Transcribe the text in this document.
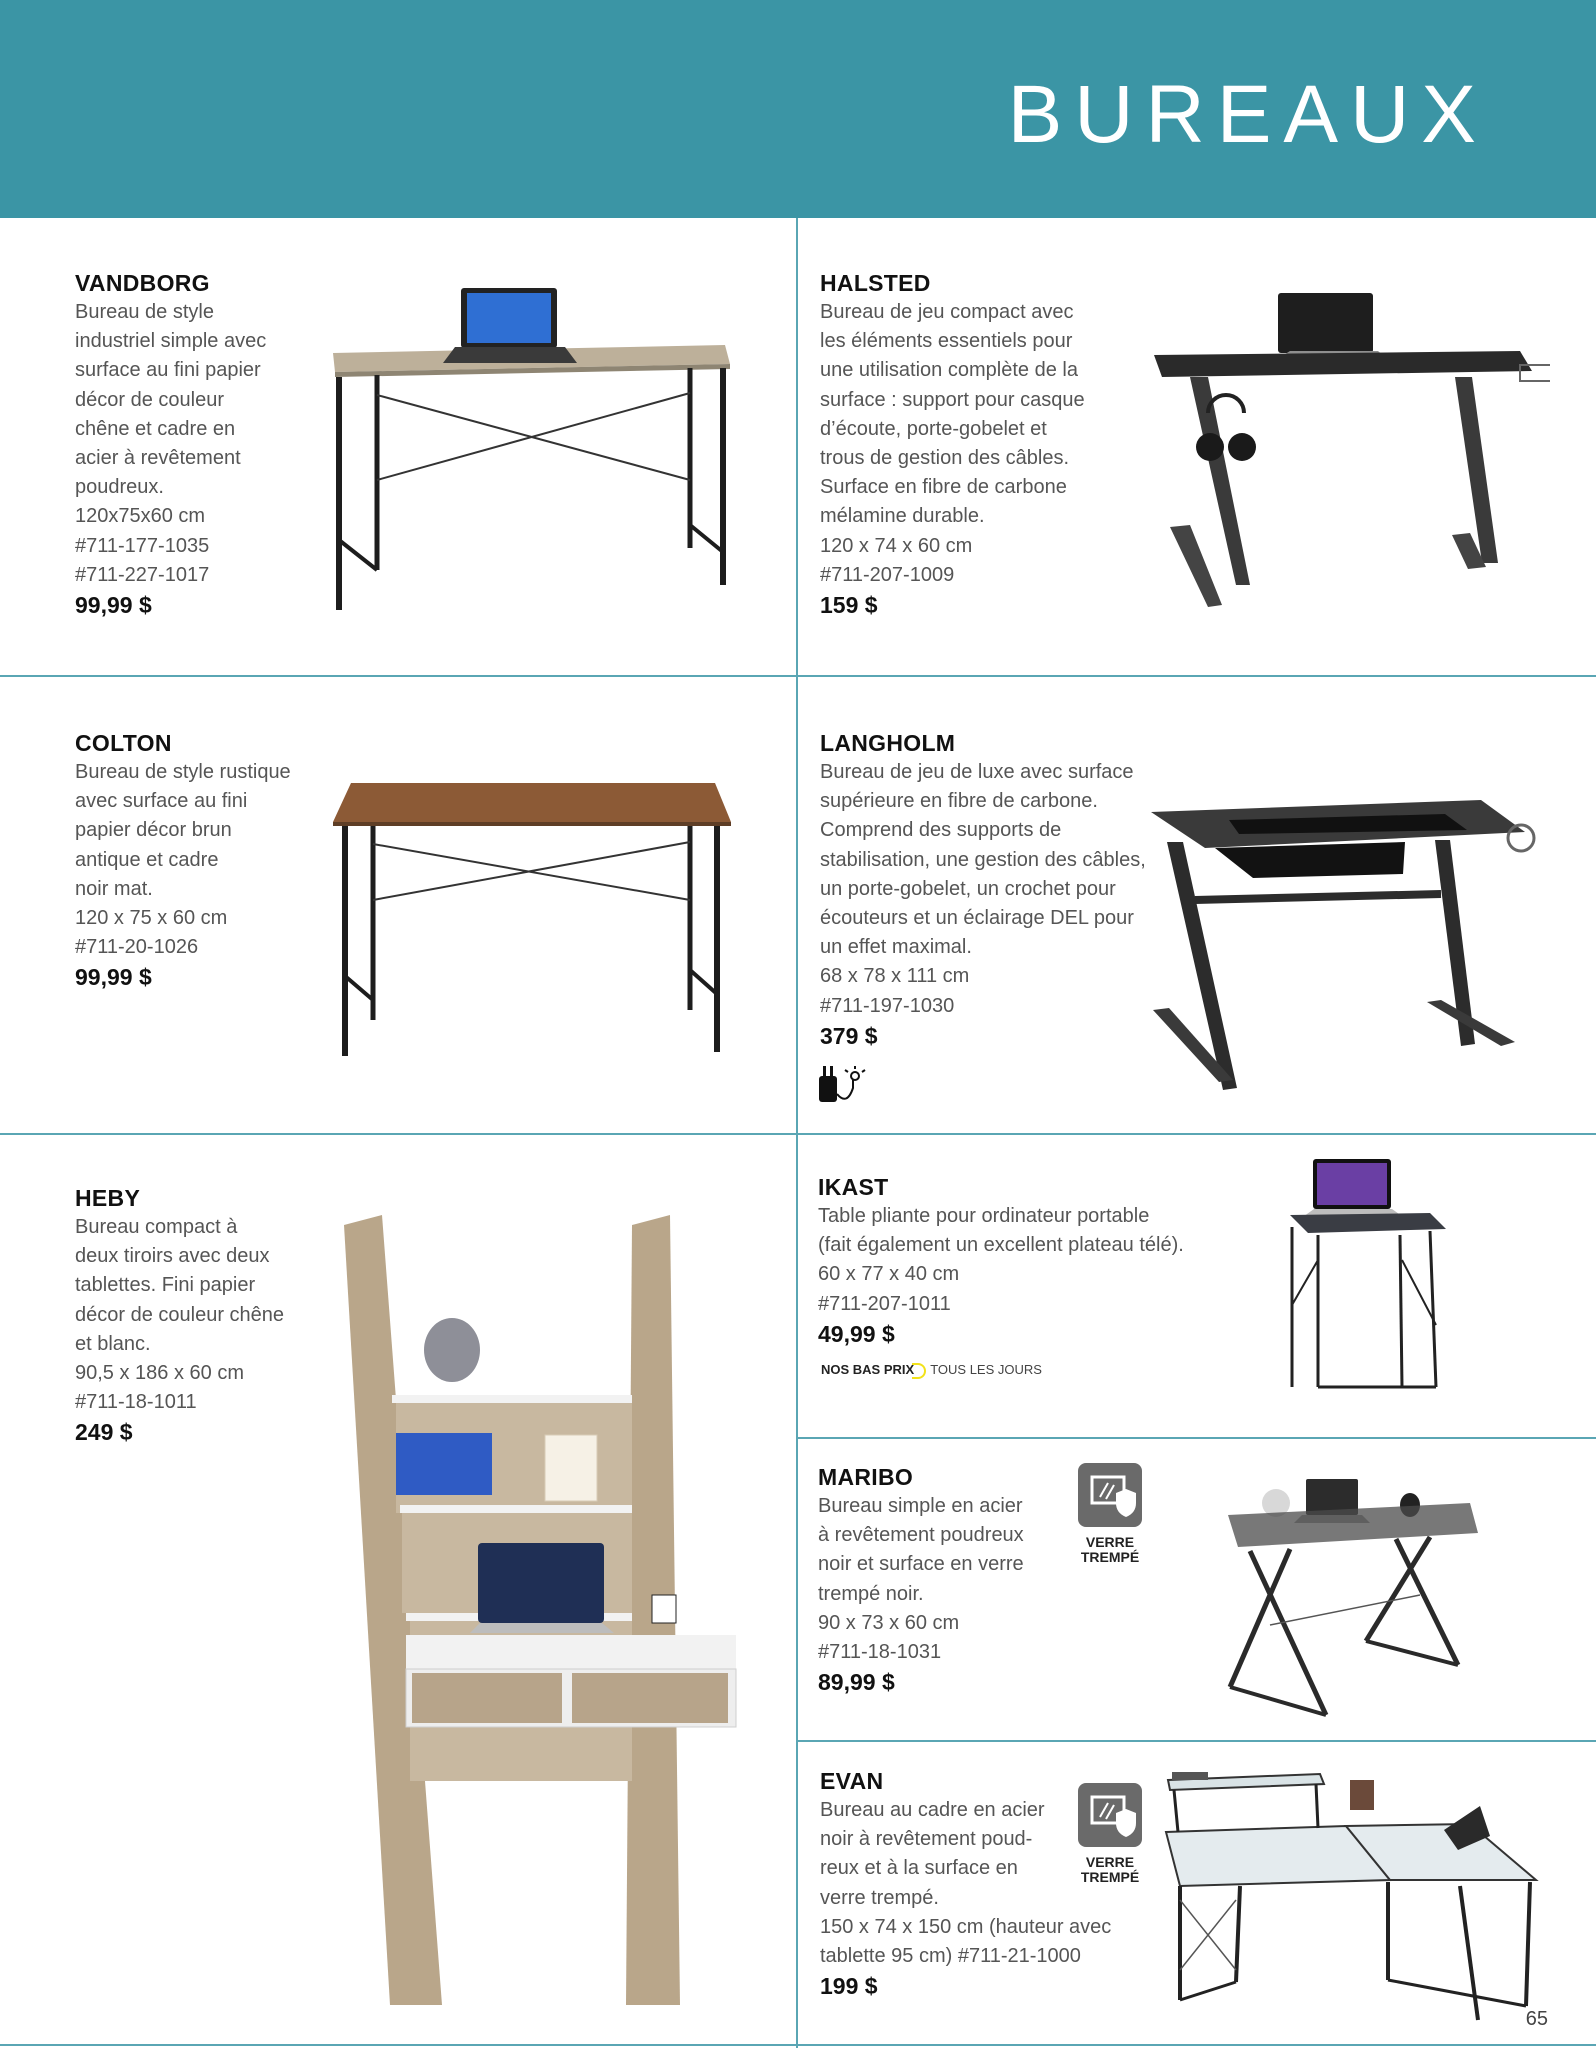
BUREAUX
VANDBORG
Bureau de style
industriel simple avec
surface au fini papier
décor de couleur
chêne et cadre en
acier à revêtement
poudreux.
120x75x60 cm
#711-177-1035
#711-227-1017
99,99 $
HALSTED
Bureau de jeu compact avec
les éléments essentiels pour
une utilisation complète de la
surface : support pour casque
d’écoute, porte-gobelet et
trous de gestion des câbles.
Surface en fibre de carbone
mélamine durable.
120 x 74 x 60 cm
#711-207-1009
159 $
COLTON
Bureau de style rustique
avec surface au fini
papier décor brun
antique et cadre
noir mat.
120 x 75 x 60 cm
#711-20-1026
99,99 $
LANGHOLM
Bureau de jeu de luxe avec surface
supérieure en fibre de carbone.
Comprend des supports de
stabilisation, une gestion des câbles,
un porte-gobelet, un crochet pour
écouteurs et un éclairage DEL pour
un effet maximal.
68 x 78 x 111 cm
#711-197-1030
379 $
HEBY
Bureau compact à
deux tiroirs avec deux
tablettes. Fini papier
décor de couleur chêne
et blanc.
90,5 x 186 x 60 cm
#711-18-1011
249 $
IKAST
Table pliante pour ordinateur portable
(fait également un excellent plateau télé).
60 x 77 x 40 cm
#711-207-1011
49,99 $
NOS BAS PRIX TOUS LES JOURS
MARIBO
Bureau simple en acier
à revêtement poudreux
noir et surface en verre
trempé noir.
90 x 73 x 60 cm
#711-18-1031
89,99 $
VERRE
TREMPÉ
EVAN
Bureau au cadre en acier
noir à revêtement poud-
reux et à la surface en
verre trempé.
150 x 74 x 150 cm (hauteur avec
tablette 95 cm) #711-21-1000
199 $
VERRE
TREMPÉ
65
